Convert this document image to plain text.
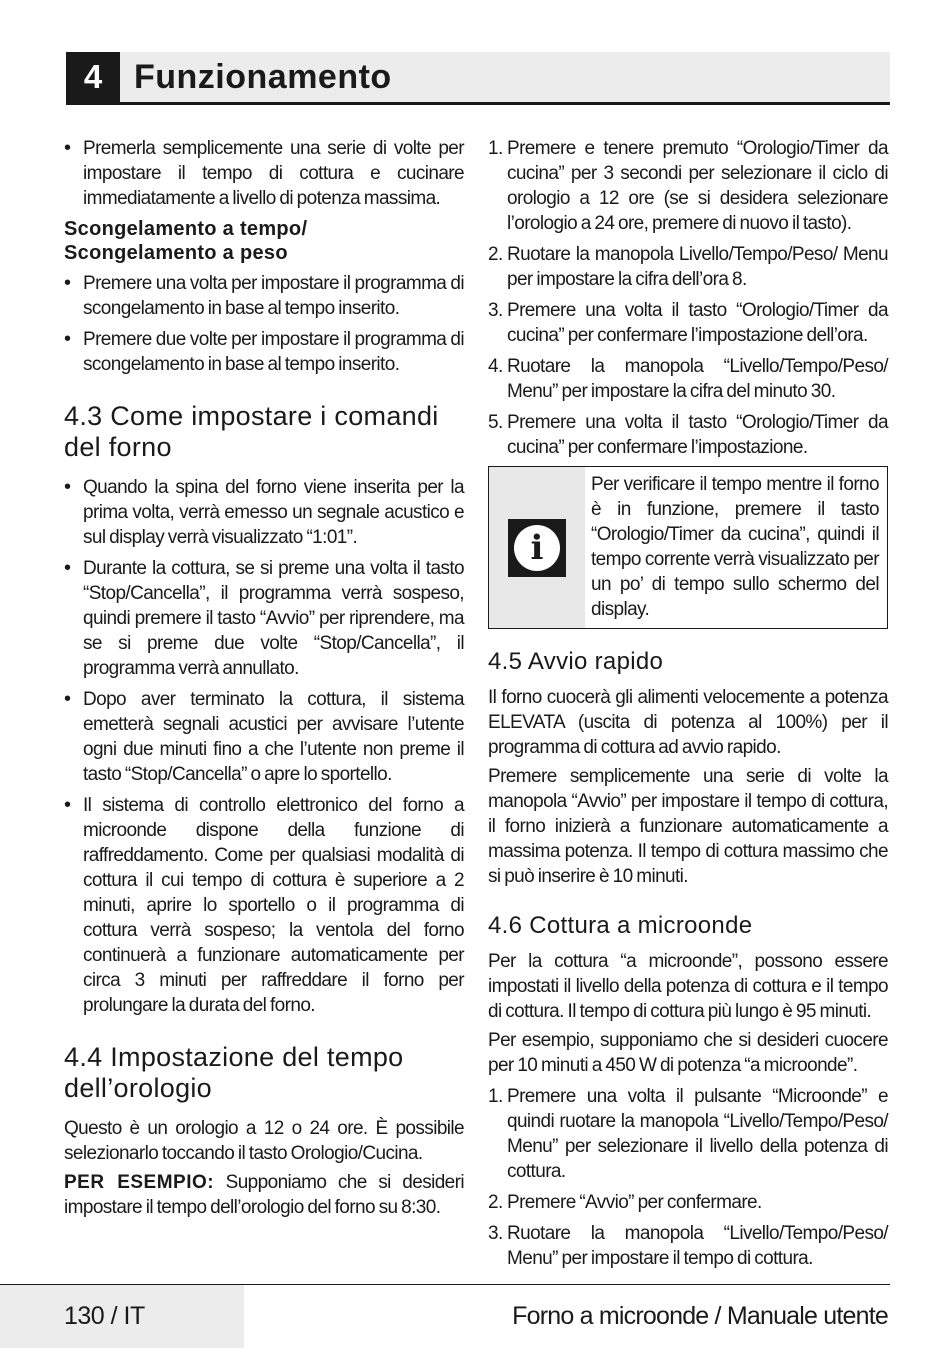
4 Funzionamento
• Premerla semplicemente una serie di volte per impostare il tempo di cottura e cucinare immediatamente a livello di potenza massima.
Scongelamento a tempo/
Scongelamento a peso
• Premere una volta per impostare il programma di scongelamento in base al tempo inserito.
• Premere due volte per impostare il programma di scongelamento in base al tempo inserito.
4.3 Come impostare i comandi del forno
• Quando la spina del forno viene inserita per la prima volta, verrà emesso un segnale acustico e sul display verrà visualizzato “1:01”.
• Durante la cottura, se si preme una volta il tasto “Stop/Cancella”, il programma verrà sospeso, quindi premere il tasto “Avvio” per riprendere, ma se si preme due volte “Stop/Cancella”, il programma verrà annullato.
• Dopo aver terminato la cottura, il sistema emetterà segnali acustici per avvisare l’utente ogni due minuti fino a che l’utente non preme il tasto “Stop/Cancella” o apre lo sportello.
• Il sistema di controllo elettronico del forno a microonde dispone della funzione di raffreddamento. Come per qualsiasi modalità di cottura il cui tempo di cottura è superiore a 2 minuti, aprire lo sportello o il programma di cottura verrà sospeso; la ventola del forno continuerà a funzionare automaticamente per circa 3 minuti per raffreddare il forno per prolungare la durata del forno.
4.4 Impostazione del tempo dell’orologio
Questo è un orologio a 12 o 24 ore. È possibile selezionarlo toccando il tasto Orologio/Cucina.
PER ESEMPIO: Supponiamo che si desideri impostare il tempo dell’orologio del forno su 8:30.
1. Premere e tenere premuto “Orologio/Timer da cucina” per 3 secondi per selezionare il ciclo di orologio a 12 ore (se si desidera selezionare l’orologio a 24 ore, premere di nuovo il tasto).
2. Ruotare la manopola Livello/Tempo/Peso/ Menu per impostare la cifra dell’ora 8.
3. Premere una volta il tasto “Orologio/Timer da cucina” per confermare l’impostazione dell’ora.
4. Ruotare la manopola “Livello/Tempo/Peso/ Menu” per impostare la cifra del minuto 30.
5. Premere una volta il tasto “Orologio/Timer da cucina” per confermare l’impostazione.
i
Per verificare il tempo mentre il forno è in funzione, premere il tasto “Orologio/Timer da cucina”, quindi il tempo corrente verrà visualizzato per un po’ di tempo sullo schermo del display.
4.5 Avvio rapido
Il forno cuocerà gli alimenti velocemente a potenza ELEVATA (uscita di potenza al 100%) per il programma di cottura ad avvio rapido.
Premere semplicemente una serie di volte la manopola “Avvio” per impostare il tempo di cottura, il forno inizierà a funzionare automaticamente a massima potenza. Il tempo di cottura massimo che si può inserire è 10 minuti.
4.6 Cottura a microonde
Per la cottura “a microonde”, possono essere impostati il livello della potenza di cottura e il tempo di cottura. Il tempo di cottura più lungo è 95 minuti.
Per esempio, supponiamo che si desideri cuocere per 10 minuti a 450 W di potenza “a microonde”.
1. Premere una volta il pulsante “Microonde” e quindi ruotare la manopola “Livello/Tempo/Peso/ Menu” per selezionare il livello della potenza di cottura.
2. Premere “Avvio” per confermare.
3. Ruotare la manopola “Livello/Tempo/Peso/ Menu” per impostare il tempo di cottura.
130 / IT	Forno a microonde / Manuale utente
